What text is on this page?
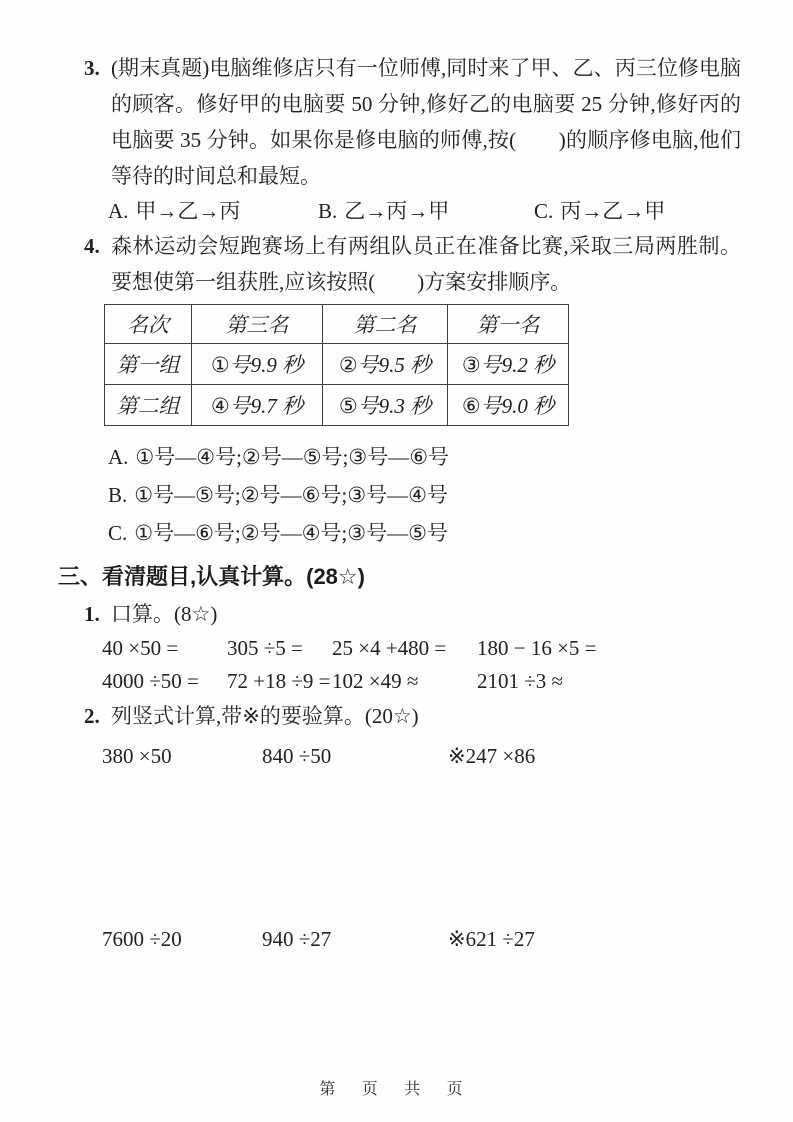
3. (期末真题)电脑维修店只有一位师傅,同时来了甲、乙、丙三位修电脑的顾客。修好甲的电脑要 50 分钟,修好乙的电脑要 25 分钟,修好丙的电脑要 35 分钟。如果你是修电脑的师傅,按(　　)的顺序修电脑,他们等待的时间总和最短。
A. 甲→乙→丙	B. 乙→丙→甲	C. 丙→乙→甲
4. 森林运动会短跑赛场上有两组队员正在准备比赛,采取三局两胜制。要想使第一组获胜,应该按照(　　)方案安排顺序。
名次	第三名	第二名	第一名
第一组	①号9.9 秒	②号9.5 秒	③号9.2 秒
第二组	④号9.7 秒	⑤号9.3 秒	⑥号9.0 秒
A. ①号—④号;②号—⑤号;③号—⑥号
B. ①号—⑤号;②号—⑥号;③号—④号
C. ①号—⑥号;②号—④号;③号—⑤号
三、看清题目,认真计算。(28☆)
1. 口算。(8☆)
40 ×50 =	305 ÷5 =	25 ×4 +480 =	180 − 16 ×5 =
4000 ÷50 =	72 +18 ÷9 = 102 ×49 ≈	2101 ÷3 ≈
2. 列竖式计算,带※的要验算。(20☆)
380 ×50	840 ÷50	※247 ×86
7600 ÷20	940 ÷27	※621 ÷27
第 页 共 页
